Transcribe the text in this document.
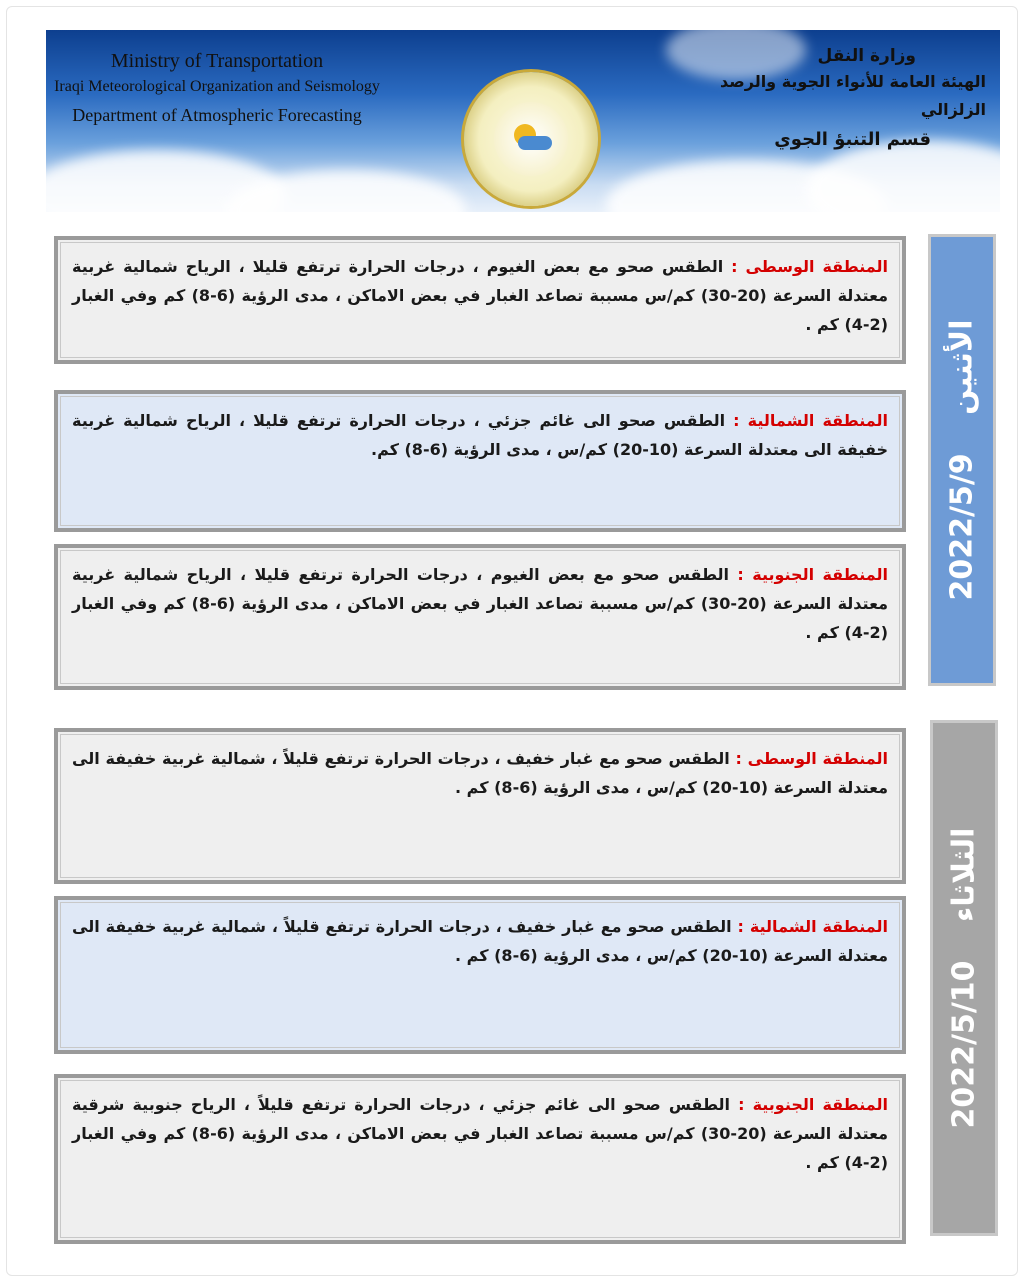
Ministry of Transportation
Iraqi Meteorological Organization and Seismology
Department of Atmospheric Forecasting
وزارة النقل
الهيئة العامة للأنواء الجوية والرصد الزلزالي
قسم التنبؤ الجوي
المنطقة الوسطى : الطقس صحو مع بعض الغيوم ، درجات الحرارة ترتفع قليلا ، الرياح شمالية غربية معتدلة السرعة (20-30) كم/س مسببة تصاعد الغبار في بعض الاماكن ، مدى الرؤية (6-8) كم وفي الغبار (2-4) كم .
المنطقة الشمالية : الطقس صحو الى غائم جزئي ، درجات الحرارة ترتفع قليلا ، الرياح شمالية غربية خفيفة الى معتدلة السرعة (10-20) كم/س ، مدى الرؤية (6-8) كم.
المنطقة الجنوبية : الطقس صحو مع بعض الغيوم ، درجات الحرارة ترتفع قليلا ، الرياح شمالية غربية معتدلة السرعة (20-30) كم/س مسببة تصاعد الغبار في بعض الاماكن ، مدى الرؤية (6-8) كم وفي الغبار (2-4) كم .
2022/5/9 الأثنين
المنطقة الوسطى : الطقس صحو مع غبار خفيف ، درجات الحرارة ترتفع قليلاً ، شمالية غربية خفيفة الى معتدلة السرعة (10-20) كم/س ، مدى الرؤية (6-8) كم .
المنطقة الشمالية : الطقس صحو مع غبار خفيف ، درجات الحرارة ترتفع قليلاً ، شمالية غربية خفيفة الى معتدلة السرعة (10-20) كم/س ، مدى الرؤية (6-8) كم .
المنطقة الجنوبية : الطقس صحو الى غائم جزئي ، درجات الحرارة ترتفع قليلاً ، الرياح جنوبية شرقية معتدلة السرعة (20-30) كم/س مسببة تصاعد الغبار في بعض الاماكن ، مدى الرؤية (6-8) كم وفي الغبار (2-4) كم .
2022/5/10 الثلاثاء
